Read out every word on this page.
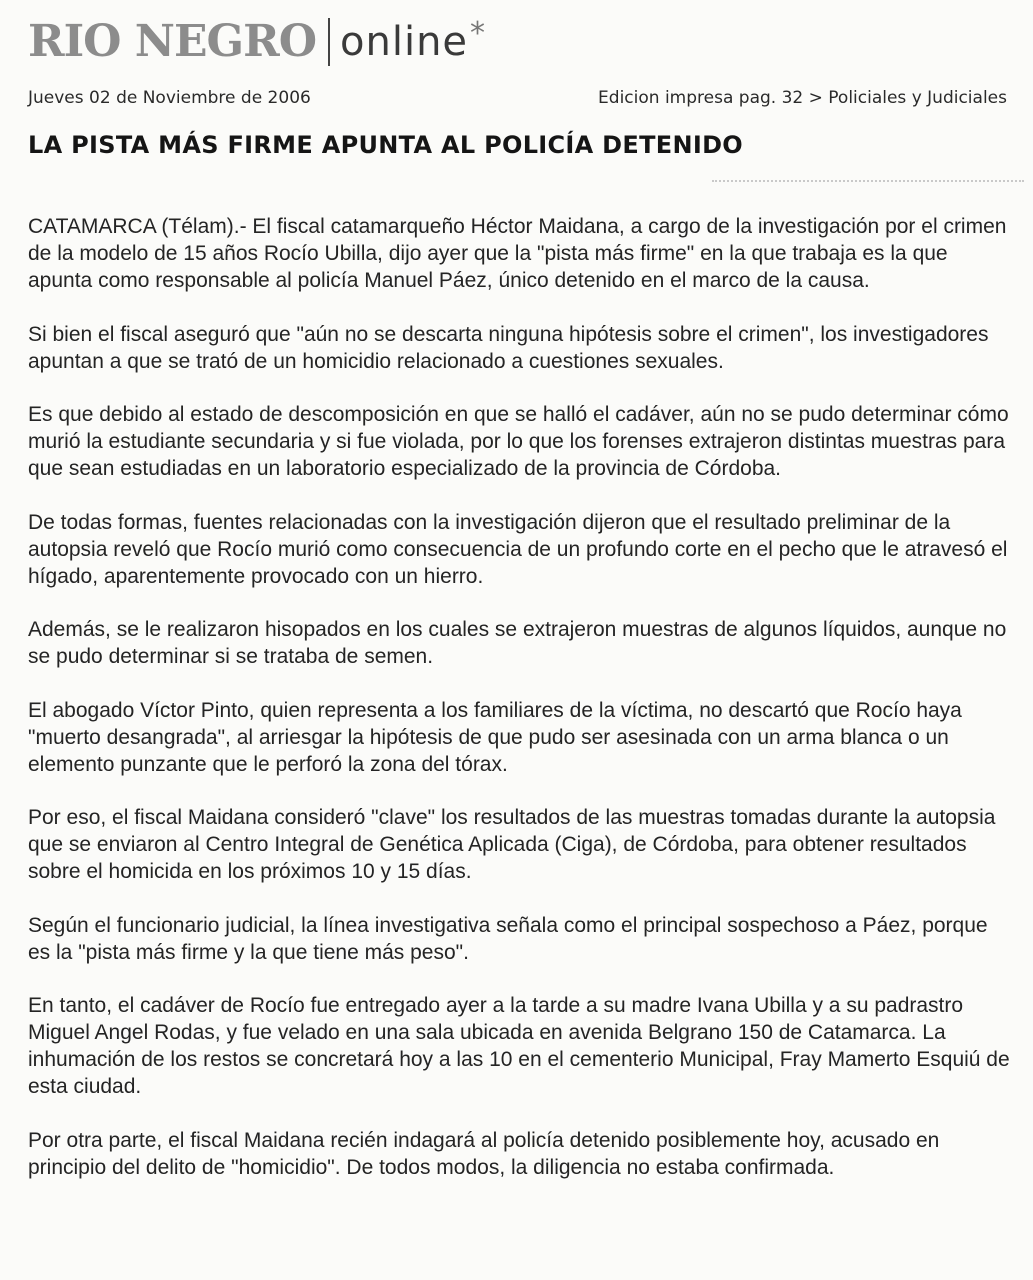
RIO NEGRO online *
Jueves 02 de Noviembre de 2006	Edicion impresa pag. 32 > Policiales y Judiciales
LA PISTA MÁS FIRME APUNTA AL POLICÍA DETENIDO

CATAMARCA (Télam).- El fiscal catamarqueño Héctor Maidana, a cargo de la investigación por el crimen de la modelo de 15 años Rocío Ubilla, dijo ayer que la "pista más firme" en la que trabaja es la que apunta como responsable al policía Manuel Páez, único detenido en el marco de la causa.

Si bien el fiscal aseguró que "aún no se descarta ninguna hipótesis sobre el crimen", los investigadores apuntan a que se trató de un homicidio relacionado a cuestiones sexuales.

Es que debido al estado de descomposición en que se halló el cadáver, aún no se pudo determinar cómo murió la estudiante secundaria y si fue violada, por lo que los forenses extrajeron distintas muestras para que sean estudiadas en un laboratorio especializado de la provincia de Córdoba.

De todas formas, fuentes relacionadas con la investigación dijeron que el resultado preliminar de la autopsia reveló que Rocío murió como consecuencia de un profundo corte en el pecho que le atravesó el hígado, aparentemente provocado con un hierro.

Además, se le realizaron hisopados en los cuales se extrajeron muestras de algunos líquidos, aunque no se pudo determinar si se trataba de semen.

El abogado Víctor Pinto, quien representa a los familiares de la víctima, no descartó que Rocío haya "muerto desangrada", al arriesgar la hipótesis de que pudo ser asesinada con un arma blanca o un elemento punzante que le perforó la zona del tórax.

Por eso, el fiscal Maidana consideró "clave" los resultados de las muestras tomadas durante la autopsia que se enviaron al Centro Integral de Genética Aplicada (Ciga), de Córdoba, para obtener resultados sobre el homicida en los próximos 10 y 15 días.

Según el funcionario judicial, la línea investigativa señala como el principal sospechoso a Páez, porque es la "pista más firme y la que tiene más peso".

En tanto, el cadáver de Rocío fue entregado ayer a la tarde a su madre Ivana Ubilla y a su padrastro Miguel Angel Rodas, y fue velado en una sala ubicada en avenida Belgrano 150 de Catamarca. La inhumación de los restos se concretará hoy a las 10 en el cementerio Municipal, Fray Mamerto Esquiú de esta ciudad.

Por otra parte, el fiscal Maidana recién indagará al policía detenido posiblemente hoy, acusado en principio del delito de "homicidio". De todos modos, la diligencia no estaba confirmada.
